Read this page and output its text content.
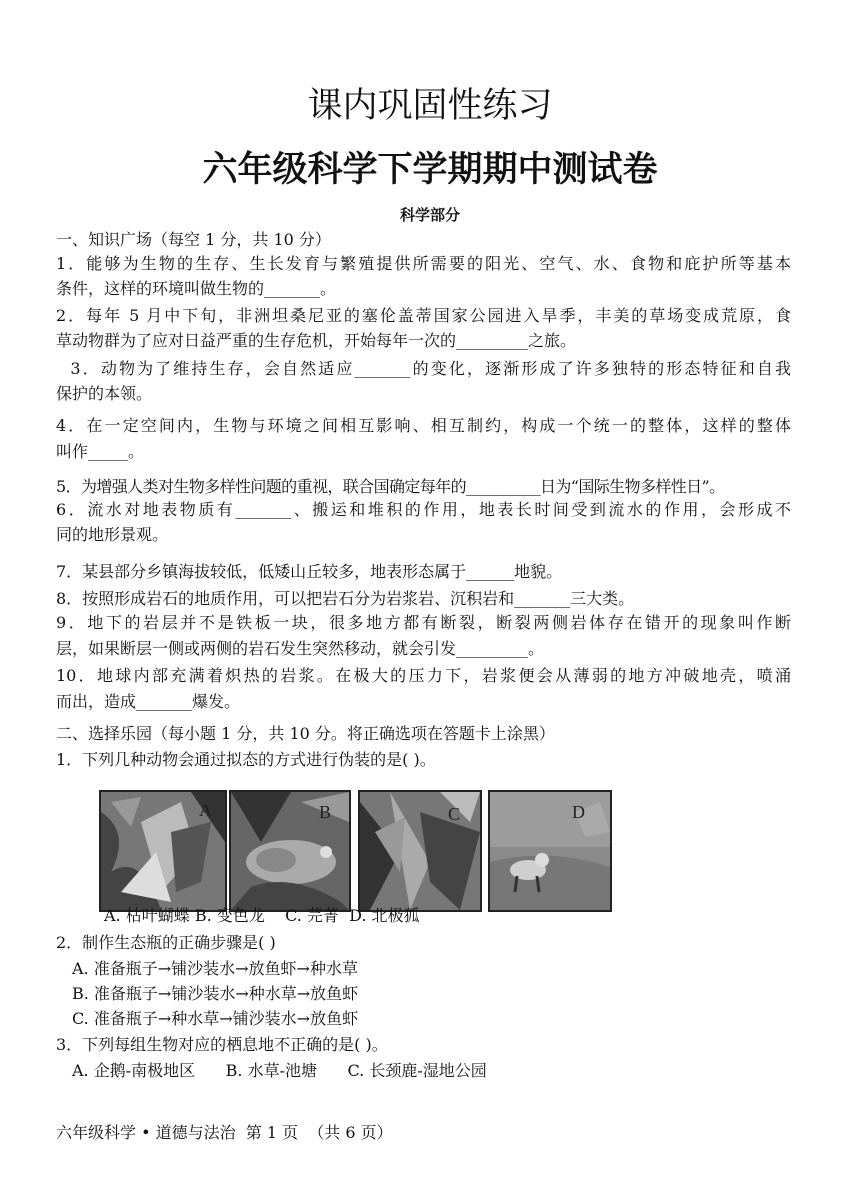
课内巩固性练习
六年级科学下学期期中测试卷
科学部分
一、知识广场（每空 1 分，共 10 分）
1．能够为生物的生存、生长发育与繁殖提供所需要的阳光、空气、水、食物和庇护所等基本
条件，这样的环境叫做生物的_______。
2．每年 5 月中下旬，非洲坦桑尼亚的塞伦盖蒂国家公园进入旱季，丰美的草场变成荒原，食
草动物群为了应对日益严重的生存危机，开始每年一次的_________之旅。
3．动物为了维持生存，会自然适应_______的变化，逐渐形成了许多独特的形态特征和自我
保护的本领。
4．在一定空间内，生物与环境之间相互影响、相互制约，构成一个统一的整体，这样的整体
叫作_____。
5．为增强人类对生物多样性问题的重视，联合国确定每年的__________日为“国际生物多样性日”。
6．流水对地表物质有_______、搬运和堆积的作用，地表长时间受到流水的作用，会形成不
同的地形景观。
7．某县部分乡镇海拔较低，低矮山丘较多，地表形态属于______地貌。
8．按照形成岩石的地质作用，可以把岩石分为岩浆岩、沉积岩和_______三大类。
9．地下的岩层并不是铁板一块，很多地方都有断裂，断裂两侧岩体存在错开的现象叫作断
层，如果断层一侧或两侧的岩石发生突然移动，就会引发_________。
10．地球内部充满着炽热的岩浆。在极大的压力下，岩浆便会从薄弱的地方冲破地壳，喷涌
而出，造成_______爆发。
二、选择乐园（每小题 1 分，共 10 分。将正确选项在答题卡上涂黑）
1．下列几种动物会通过拟态的方式进行伪装的是( )。
A	B	C	D
A. 枯叶蝴蝶 B. 变色龙    C. 芫菁  D. 北极狐
2．制作生态瓶的正确步骤是( )
A. 准备瓶子→铺沙装水→放鱼虾→种水草
B. 准备瓶子→铺沙装水→种水草→放鱼虾
C. 准备瓶子→种水草→铺沙装水→放鱼虾
3．下列每组生物对应的栖息地不正确的是( )。
A. 企鹅-南极地区      B. 水草-池塘      C. 长颈鹿-湿地公园
六年级科学 • 道德与法治  第 1 页  （共 6 页）
